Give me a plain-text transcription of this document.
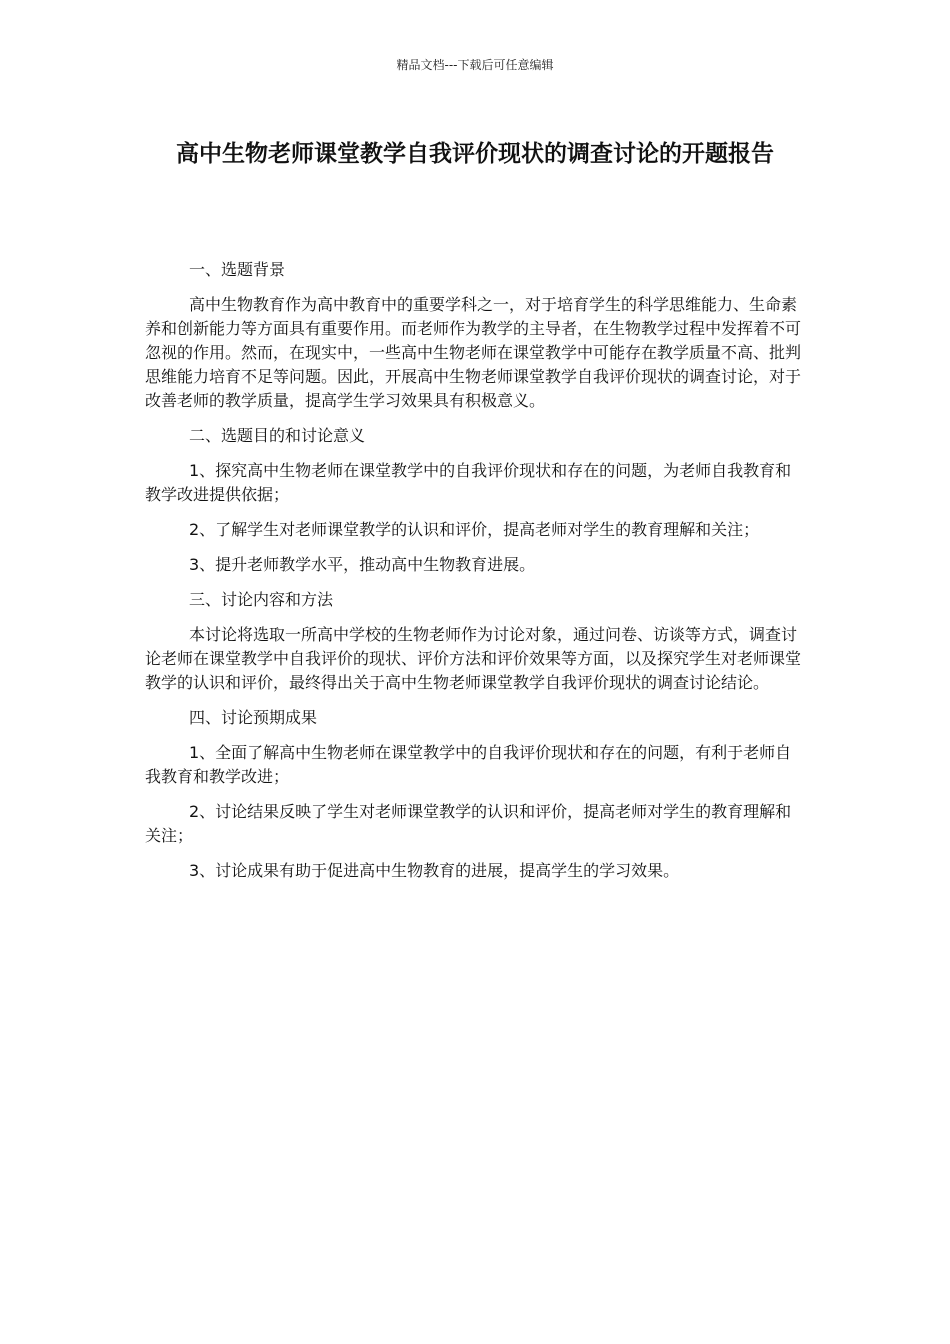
精品文档---下载后可任意编辑
高中生物老师课堂教学自我评价现状的调查讨论的开题报告

一、选题背景

高中生物教育作为高中教育中的重要学科之一，对于培育学生的科学思维能力、生命素养和创新能力等方面具有重要作用。而老师作为教学的主导者，在生物教学过程中发挥着不可忽视的作用。然而，在现实中，一些高中生物老师在课堂教学中可能存在教学质量不高、批判思维能力培育不足等问题。因此，开展高中生物老师课堂教学自我评价现状的调查讨论，对于改善老师的教学质量，提高学生学习效果具有积极意义。

二、选题目的和讨论意义

1、探究高中生物老师在课堂教学中的自我评价现状和存在的问题，为老师自我教育和教学改进提供依据；

2、了解学生对老师课堂教学的认识和评价，提高老师对学生的教育理解和关注；

3、提升老师教学水平，推动高中生物教育进展。

三、讨论内容和方法

本讨论将选取一所高中学校的生物老师作为讨论对象，通过问卷、访谈等方式，调查讨论老师在课堂教学中自我评价的现状、评价方法和评价效果等方面，以及探究学生对老师课堂教学的认识和评价，最终得出关于高中生物老师课堂教学自我评价现状的调查讨论结论。

四、讨论预期成果

1、全面了解高中生物老师在课堂教学中的自我评价现状和存在的问题，有利于老师自我教育和教学改进；

2、讨论结果反映了学生对老师课堂教学的认识和评价，提高老师对学生的教育理解和关注；

3、讨论成果有助于促进高中生物教育的进展，提高学生的学习效果。
